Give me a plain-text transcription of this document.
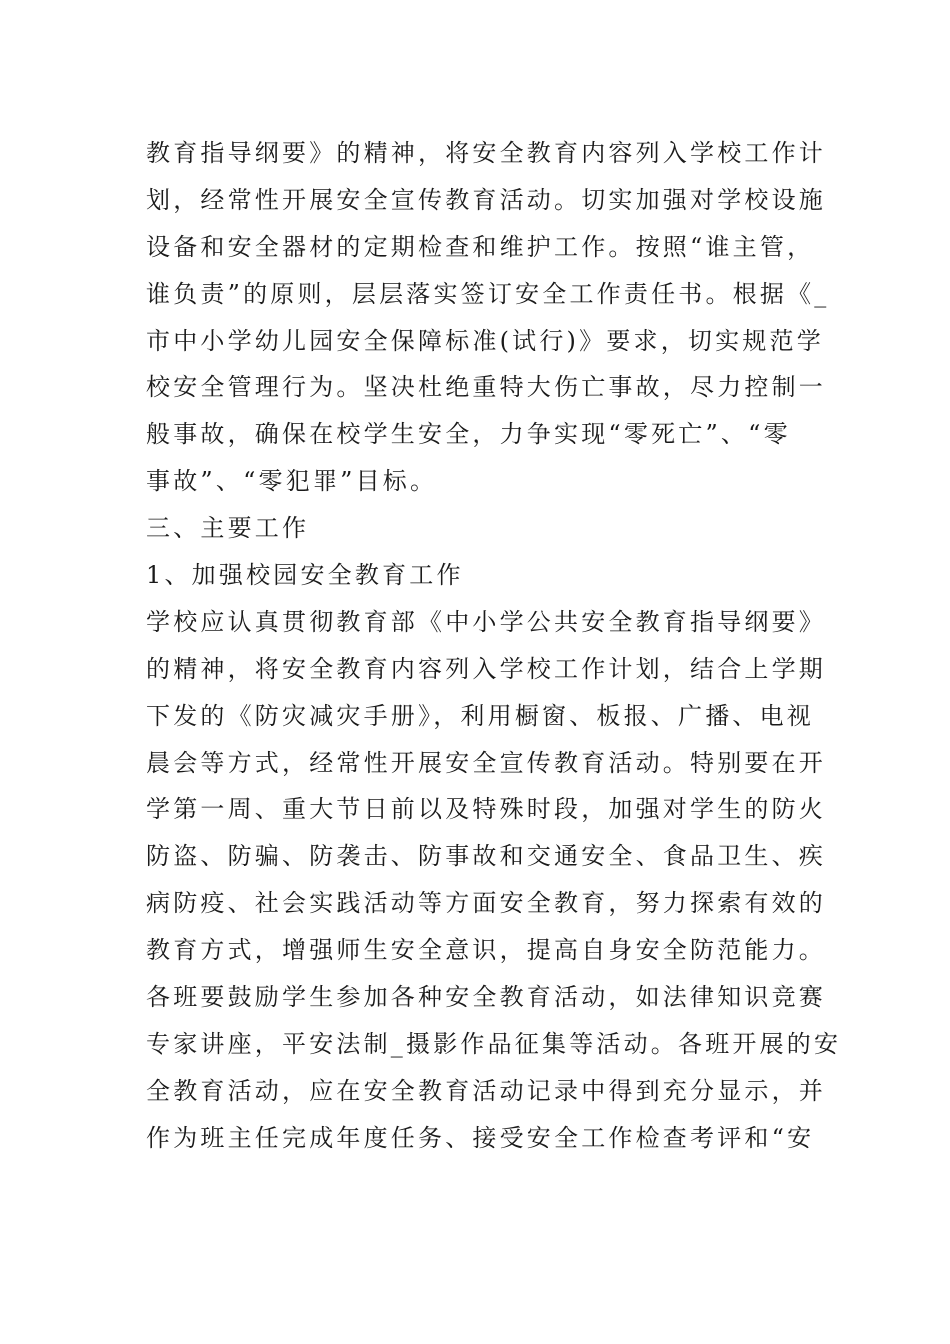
教育指导纲要》的精神，将安全教育内容列入学校工作计
划，经常性开展安全宣传教育活动。切实加强对学校设施
设备和安全器材的定期检查和维护工作。按照“谁主管，
谁负责”的原则，层层落实签订安全工作责任书。根据《_
市中小学幼儿园安全保障标准(试行)》要求，切实规范学
校安全管理行为。坚决杜绝重特大伤亡事故，尽力控制一
般事故，确保在校学生安全，力争实现“零死亡”、“零
事故”、“零犯罪”目标。
三、主要工作
1、加强校园安全教育工作
学校应认真贯彻教育部《中小学公共安全教育指导纲要》
的精神，将安全教育内容列入学校工作计划，结合上学期
下发的《防灾减灾手册》，利用橱窗、板报、广播、电视
晨会等方式，经常性开展安全宣传教育活动。特别要在开
学第一周、重大节日前以及特殊时段，加强对学生的防火
防盗、防骗、防袭击、防事故和交通安全、食品卫生、疾
病防疫、社会实践活动等方面安全教育，努力探索有效的
教育方式，增强师生安全意识，提高自身安全防范能力。
各班要鼓励学生参加各种安全教育活动，如法律知识竞赛
专家讲座，平安法制_摄影作品征集等活动。各班开展的安
全教育活动，应在安全教育活动记录中得到充分显示，并
作为班主任完成年度任务、接受安全工作检查考评和“安
